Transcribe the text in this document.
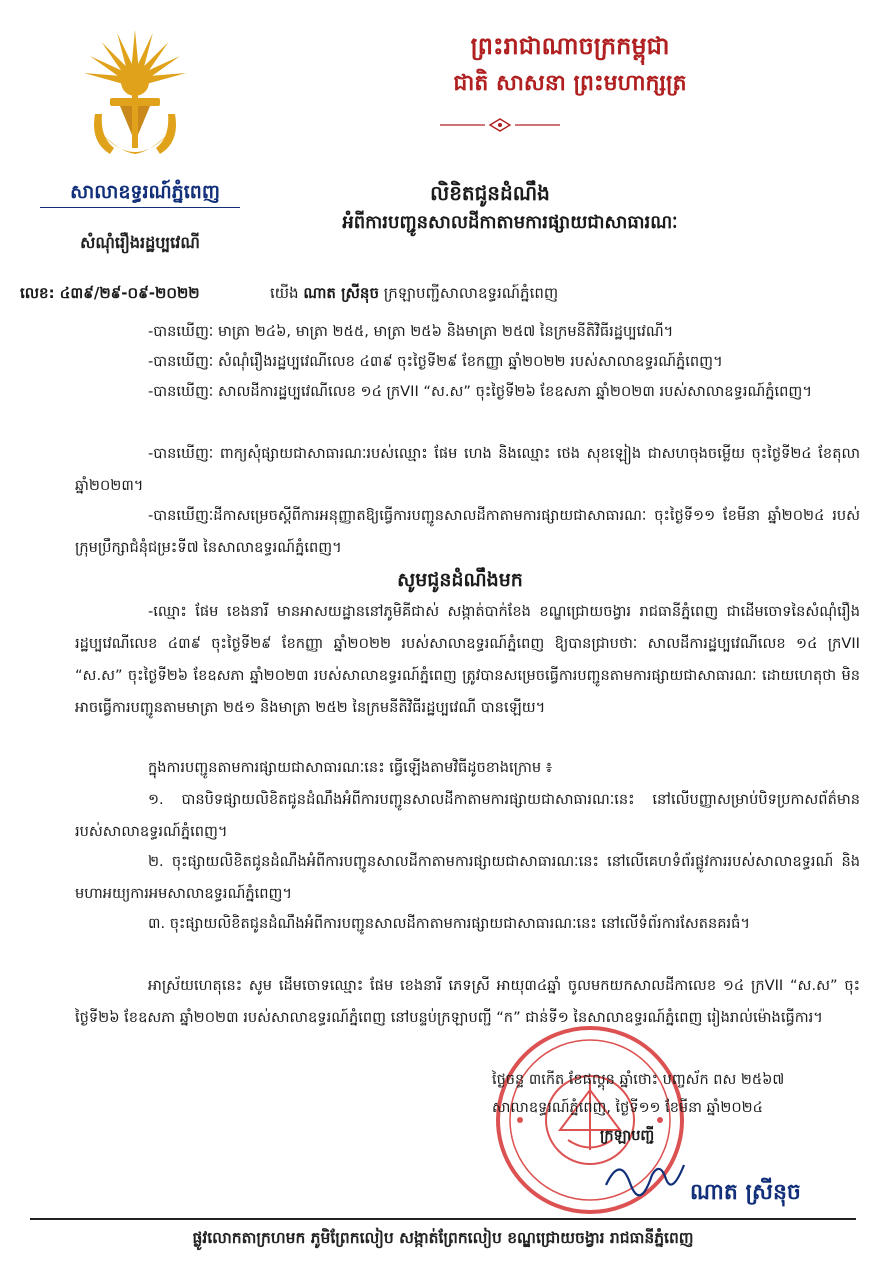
ព្រះរាជាណាចក្រកម្ពុជា
ជាតិ សាសនា ព្រះមហាក្សត្រ
សាលាឧទ្ធរណ៍ភ្នំពេញ
សំណុំរឿងរដ្ឋប្បវេណី
លិខិតជូនដំណឹង
អំពីការបញ្ជូនសាលដីកាតាមការផ្សាយជាសាធារណៈ
លេខ: ៤៣៩/២៩-០៩-២០២២	យើង ណាត ស្រីនុច ក្រឡាបញ្ជីសាលាឧទ្ធរណ៍ភ្នំពេញ
-បានឃើញៈ មាត្រា ២៤៦, មាត្រា ២៥៥, មាត្រា ២៥៦ និងមាត្រា ២៥៧ នៃក្រមនីតិវិធីរដ្ឋប្បវេណី។
-បានឃើញៈ សំណុំរឿងរដ្ឋប្បវេណីលេខ ៤៣៩ ចុះថ្ងៃទី២៩ ខែកញ្ញា ឆ្នាំ២០២២ របស់សាលាឧទ្ធរណ៍ភ្នំពេញ។
-បានឃើញៈ សាលដីការដ្ឋប្បវេណីលេខ ១៤ ក្រVII “ស.ស” ចុះថ្ងៃទី២៦ ខែឧសភា ឆ្នាំ២០២៣ របស់សាលាឧទ្ធរណ៍ភ្នំពេញ។
-បានឃើញៈ ពាក្យសុំផ្សាយជាសាធារណៈរបស់ឈ្មោះ ផែម ហេង និងឈ្មោះ ថេង សុខឡៀង ជាសហចុងចម្លើយ ចុះថ្ងៃទី២៤ ខែតុលា ឆ្នាំ២០២៣។
-បានឃើញៈដីកាសម្រេចស្តីពីការអនុញ្ញាតឱ្យធ្វើការបញ្ជូនសាលដីកាតាមការផ្សាយជាសាធារណៈ ចុះថ្ងៃទី១១ ខែមីនា ឆ្នាំ២០២៤ របស់ក្រុមប្រឹក្សាជំនុំជម្រះទី៧ នៃសាលាឧទ្ធរណ៍ភ្នំពេញ។
សូមជូនដំណឹងមក
-ឈ្មោះ ផែម ខេងនារី មានអាសយដ្ឋាននៅភូមិគីជាស់ សង្កាត់បាក់ខែង ខណ្ឌជ្រោយចង្វារ រាជធានីភ្នំពេញ ជាដើមចោទនៃសំណុំរឿងរដ្ឋប្បវេណីលេខ ៤៣៩ ចុះថ្ងៃទី២៩ ខែកញ្ញា ឆ្នាំ២០២២ របស់សាលាឧទ្ធរណ៍ភ្នំពេញ ឱ្យបានជ្រាបថាៈ សាលដីការដ្ឋប្បវេណីលេខ ១៤ ក្រVII “ស.ស” ចុះថ្ងៃទី២៦ ខែឧសភា ឆ្នាំ២០២៣ របស់សាលាឧទ្ធរណ៍ភ្នំពេញ ត្រូវបានសម្រេចធ្វើការបញ្ជូនតាមការផ្សាយជាសាធារណៈ ដោយហេតុថា មិនអាចធ្វើការបញ្ជូនតាមមាត្រា ២៥១ និងមាត្រា ២៥២ នៃក្រមនីតិវិធីរដ្ឋប្បវេណី បានឡើយ។
ក្នុងការបញ្ជូនតាមការផ្សាយជាសាធារណៈនេះ ធ្វើឡើងតាមវិធីដូចខាងក្រោម ៖
១. បានបិទផ្សាយលិខិតជូនដំណឹងអំពីការបញ្ជូនសាលដីកាតាមការផ្សាយជាសាធារណៈនេះ នៅលើបញ្ញាសម្រាប់បិទប្រកាសព័ត៌មានរបស់សាលាឧទ្ធរណ៍ភ្នំពេញ។
២. ចុះផ្សាយលិខិតជូនដំណឹងអំពីការបញ្ជូនសាលដីកាតាមការផ្សាយជាសាធារណៈនេះ នៅលើគេហទំព័រផ្លូវការរបស់សាលាឧទ្ធរណ៍ និងមហាអយ្យការអមសាលាឧទ្ធរណ៍ភ្នំពេញ។
៣. ចុះផ្សាយលិខិតជូនដំណឹងអំពីការបញ្ជូនសាលដីកាតាមការផ្សាយជាសាធារណៈនេះ នៅលើទំព័រការសែតនគរធំ។
អាស្រ័យហេតុនេះ សូម ដើមចោទឈ្មោះ ផែម ខេងនារី ភេទស្រី អាយុ៣៤ឆ្នាំ ចូលមកយកសាលដីកាលេខ ១៤ ក្រVII “ស.ស” ចុះថ្ងៃទី២៦ ខែឧសភា ឆ្នាំ២០២៣ របស់សាលាឧទ្ធរណ៍ភ្នំពេញ នៅបន្ទប់ក្រឡាបញ្ជី “ក” ជាន់ទី១ នៃសាលាឧទ្ធរណ៍ភ្នំពេញ រៀងរាល់ម៉ោងធ្វើការ។
ថ្ងៃចន្ទ ៣កើត ខែផល្គុន ឆ្នាំថោះ បញ្ចស័ក ពស ២៥៦៧
សាលាឧទ្ធរណ៍ភ្នំពេញ, ថ្ងៃទី១១ ខែមីនា ឆ្នាំ២០២៤
ក្រឡាបញ្ជី
ណាត ស្រីនុច
ផ្លូវលោកតាក្រហមក ភូមិព្រែកលៀប សង្កាត់ព្រែកលៀប ខណ្ឌជ្រោយចង្វារ រាជធានីភ្នំពេញ
